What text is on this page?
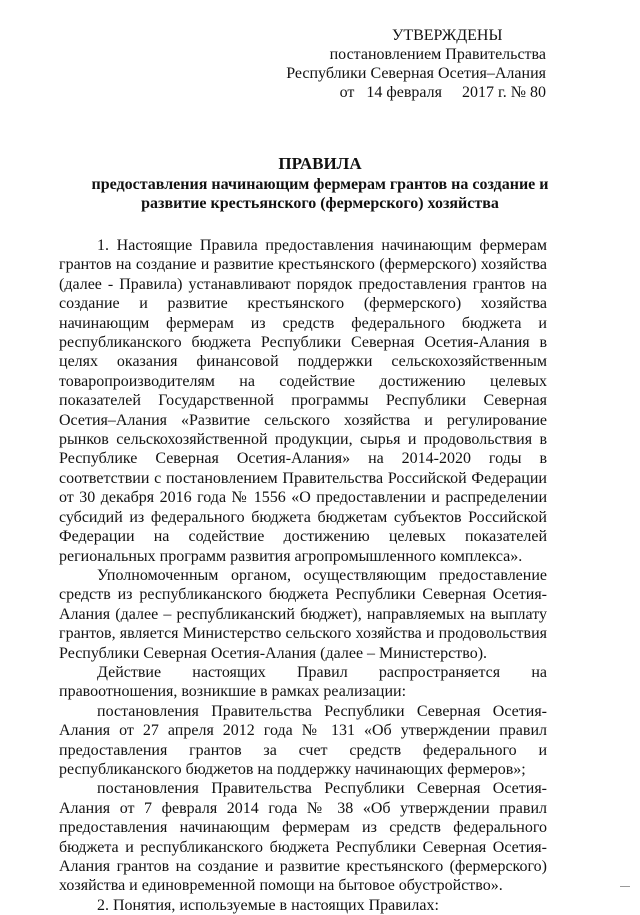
УТВЕРЖДЕНЫ
постановлением Правительства
Республики Северная Осетия–Алания
от   14 февраля     2017 г. № 80
ПРАВИЛА
предоставления начинающим фермерам грантов на создание и развитие крестьянского (фермерского) хозяйства

1. Настоящие Правила предоставления начинающим фермерам грантов на создание и развитие крестьянского (фермерского) хозяйства (далее - Правила) устанавливают порядок предоставления грантов на создание и развитие крестьянского (фермерского) хозяйства начинающим фермерам из средств федерального бюджета и республиканского бюджета Республики Северная Осетия-Алания в целях оказания финансовой поддержки сельскохозяйственным товаропроизводителям на содействие достижению целевых показателей Государственной программы Республики Северная Осетия–Алания «Развитие сельского хозяйства и регулирование рынков сельскохозяйственной продукции, сырья и продовольствия в Республике Северная Осетия-Алания» на 2014-2020 годы в соответствии с постановлением Правительства Российской Федерации от 30 декабря 2016 года № 1556 «О предоставлении и распределении субсидий из федерального бюджета бюджетам субъектов Российской Федерации на содействие достижению целевых показателей региональных программ развития агропромышленного комплекса».

Уполномоченным органом, осуществляющим предоставление средств из республиканского бюджета Республики Северная Осетия-Алания (далее – республиканский бюджет), направляемых на выплату грантов, является Министерство сельского хозяйства и продовольствия Республики Северная Осетия-Алания (далее – Министерство).

Действие настоящих Правил распространяется на правоотношения, возникшие в рамках реализации:

постановления Правительства Республики Северная Осетия-Алания от 27 апреля 2012 года № 131 «Об утверждении правил предоставления грантов за счет средств федерального и республиканского бюджетов на поддержку начинающих фермеров»;

постановления Правительства Республики Северная Осетия-Алания от 7 февраля 2014 года № 38 «Об утверждении правил предоставления начинающим фермерам из средств федерального бюджета и республиканского бюджета Республики Северная Осетия-Алания грантов на создание и развитие крестьянского (фермерского) хозяйства и единовременной помощи на бытовое обустройство».

2. Понятия, используемые в настоящих Правилах:
